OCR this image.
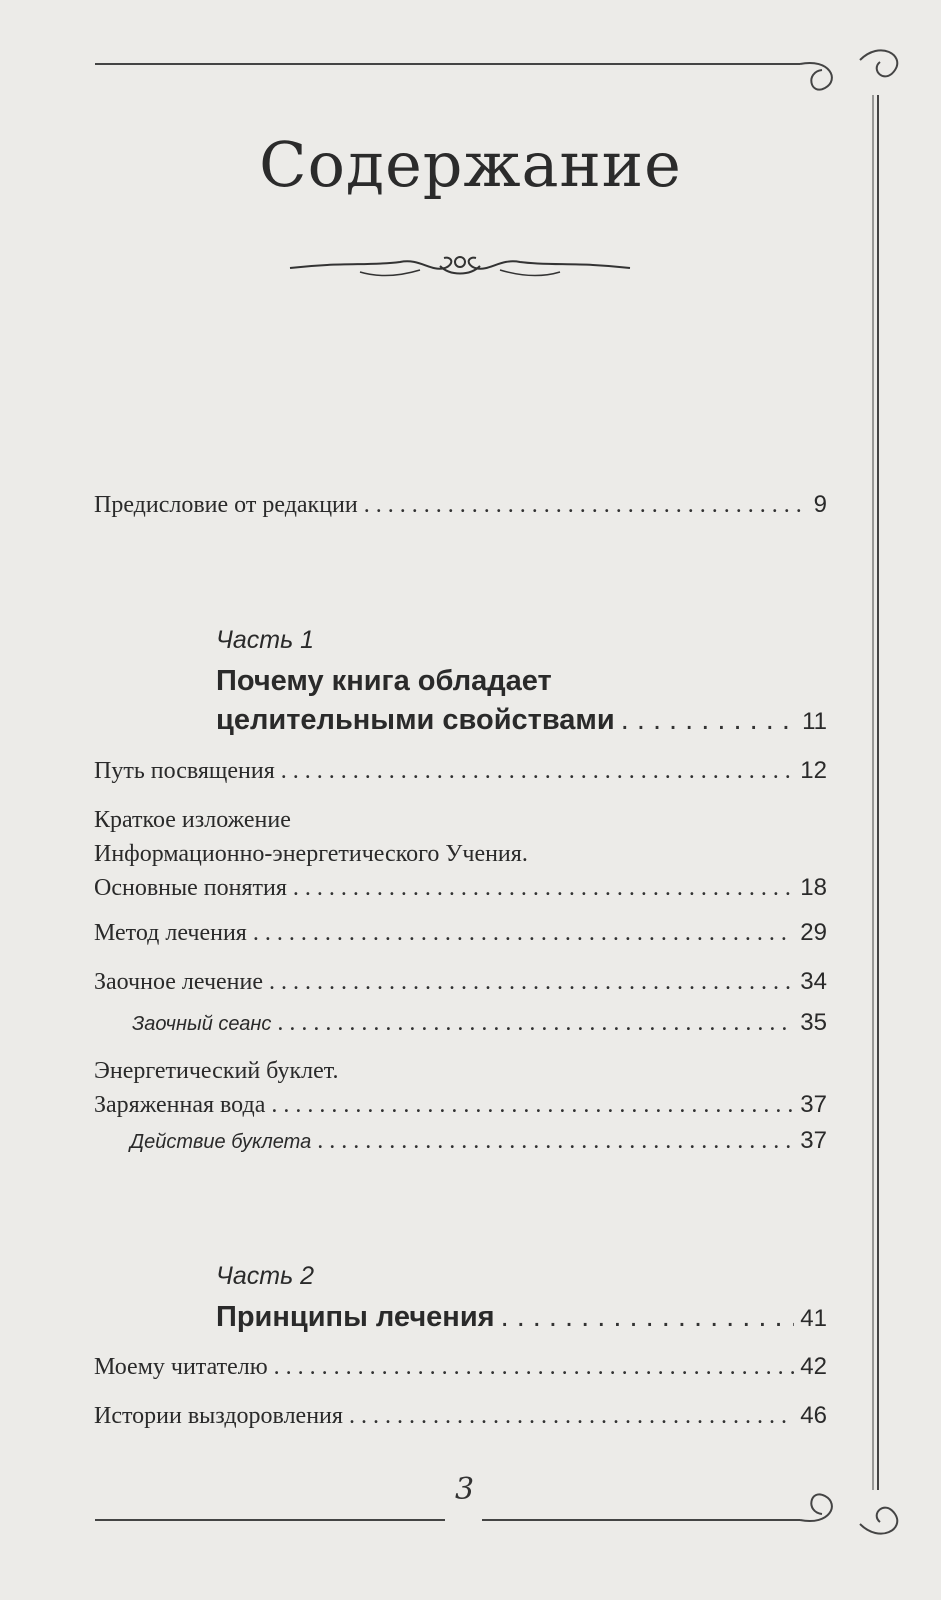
Содержание
Предисловие от редакции . . .	9
Часть 1
Почему книга обладает
целительными свойствами . . .	11
Путь посвящения . . .	12
Краткое изложение
Информационно-энергетического Учения.
Основные понятия . . .	18
Метод лечения . . .	29
Заочное лечение . . .	34
Заочный сеанс . . .	35
Энергетический буклет.
Заряженная вода . . .	37
Действие буклета . . .	37
Часть 2
Принципы лечения . . .	41
Моему читателю . . .	42
Истории выздоровления . . .	46
3
